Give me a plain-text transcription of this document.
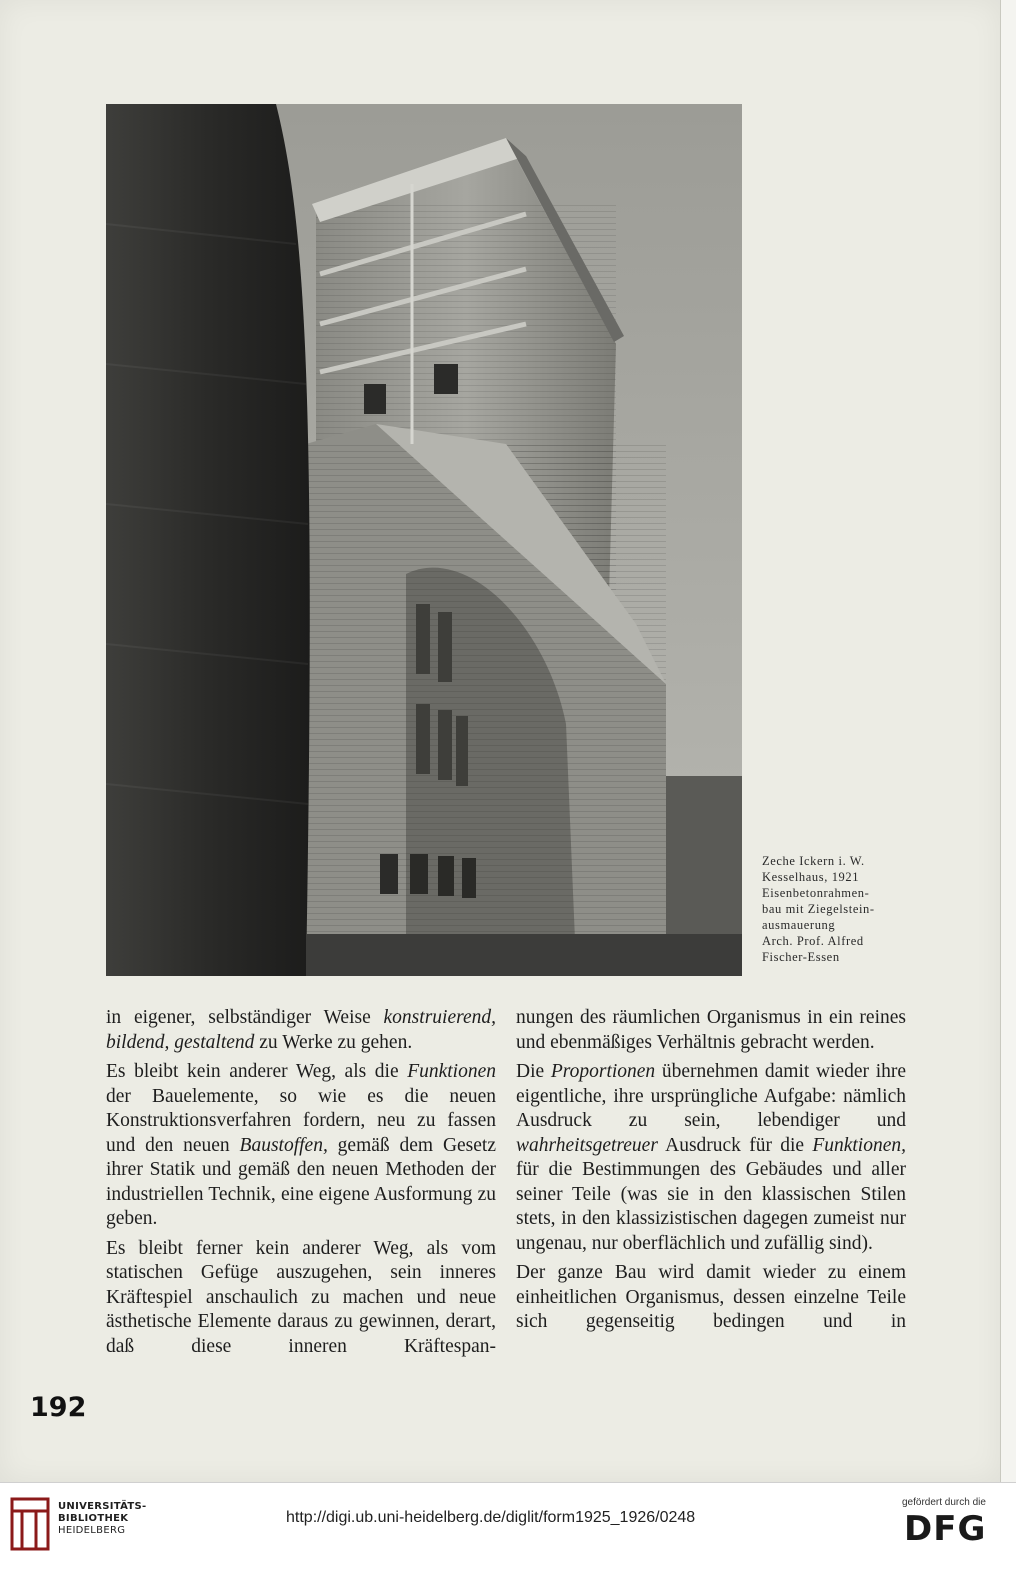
Zeche Ickern i. W.
Kesselhaus, 1921
Eisenbetonrahmen-
bau mit Ziegelstein-
ausmauerung
Arch. Prof. Alfred
Fischer-Essen

in eigener, selbständiger Weise konstruierend, bildend, gestaltend zu Werke zu gehen.

Es bleibt kein anderer Weg, als die Funktionen der Bauelemente, so wie es die neuen Konstruktionsverfahren fordern, neu zu fassen und den neuen Baustoffen, gemäß dem Gesetz ihrer Statik und gemäß den neuen Methoden der industriellen Technik, eine eigene Ausformung zu geben.

Es bleibt ferner kein anderer Weg, als vom statischen Gefüge auszugehen, sein inneres Kräftespiel anschaulich zu machen und neue ästhetische Elemente daraus zu gewinnen, derart, daß diese inneren Kräftespan-

nungen des räumlichen Organismus in ein reines und ebenmäßiges Verhältnis gebracht werden.

Die Proportionen übernehmen damit wieder ihre eigentliche, ihre ursprüngliche Aufgabe: nämlich Ausdruck zu sein, lebendiger und wahrheitsgetreuer Ausdruck für die Funktionen, für die Bestimmungen des Gebäudes und aller seiner Teile (was sie in den klassischen Stilen stets, in den klassizistischen dagegen zumeist nur ungenau, nur oberflächlich und zufällig sind).

Der ganze Bau wird damit wieder zu einem einheitlichen Organismus, dessen einzelne Teile sich gegenseitig bedingen und in

192
UNIVERSITÄTS-
BIBLIOTHEK
HEIDELBERG
http://digi.ub.uni-heidelberg.de/diglit/form1925_1926/0248
gefördert durch die
DFG
